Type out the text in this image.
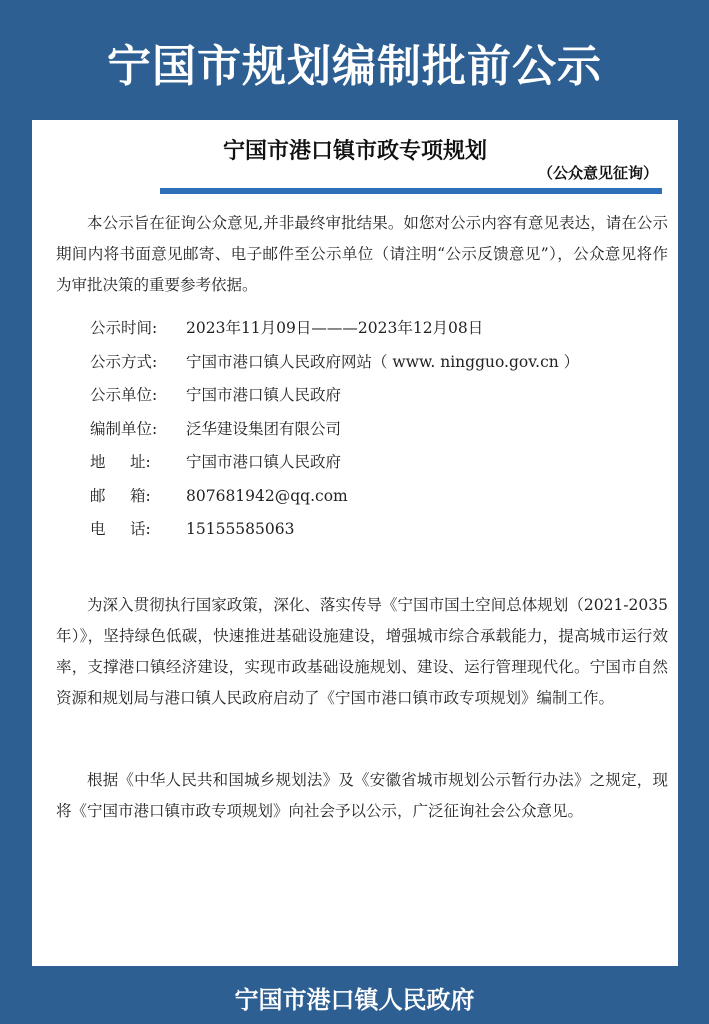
宁国市规划编制批前公示
宁国市港口镇市政专项规划
（公众意见征询）
本公示旨在征询公众意见,并非最终审批结果。如您对公示内容有意见表达，请在公示期间内将书面意见邮寄、电子邮件至公示单位（请注明“公示反馈意见”），公众意见将作为审批决策的重要参考依据。
公示时间: 2023年11月09日———2023年12月08日
公示方式: 宁国市港口镇人民政府网站（ www. ningguo.gov.cn ）
公示单位: 宁国市港口镇人民政府
编制单位: 泛华建设集团有限公司
地 址: 宁国市港口镇人民政府
邮 箱: 807681942@qq.com
电 话: 15155585063
为深入贯彻执行国家政策，深化、落实传导《宁国市国土空间总体规划（2021-2035 年）》，坚持绿色低碳，快速推进基础设施建设，增强城市综合承载能力，提高城市运行效率，支撑港口镇经济建设，实现市政基础设施规划、建设、运行管理现代化。宁国市自然资源和规划局与港口镇人民政府启动了《宁国市港口镇市政专项规划》编制工作。
根据《中华人民共和国城乡规划法》及《安徽省城市规划公示暂行办法》之规定，现将《宁国市港口镇市政专项规划》向社会予以公示，广泛征询社会公众意见。
宁国市港口镇人民政府
